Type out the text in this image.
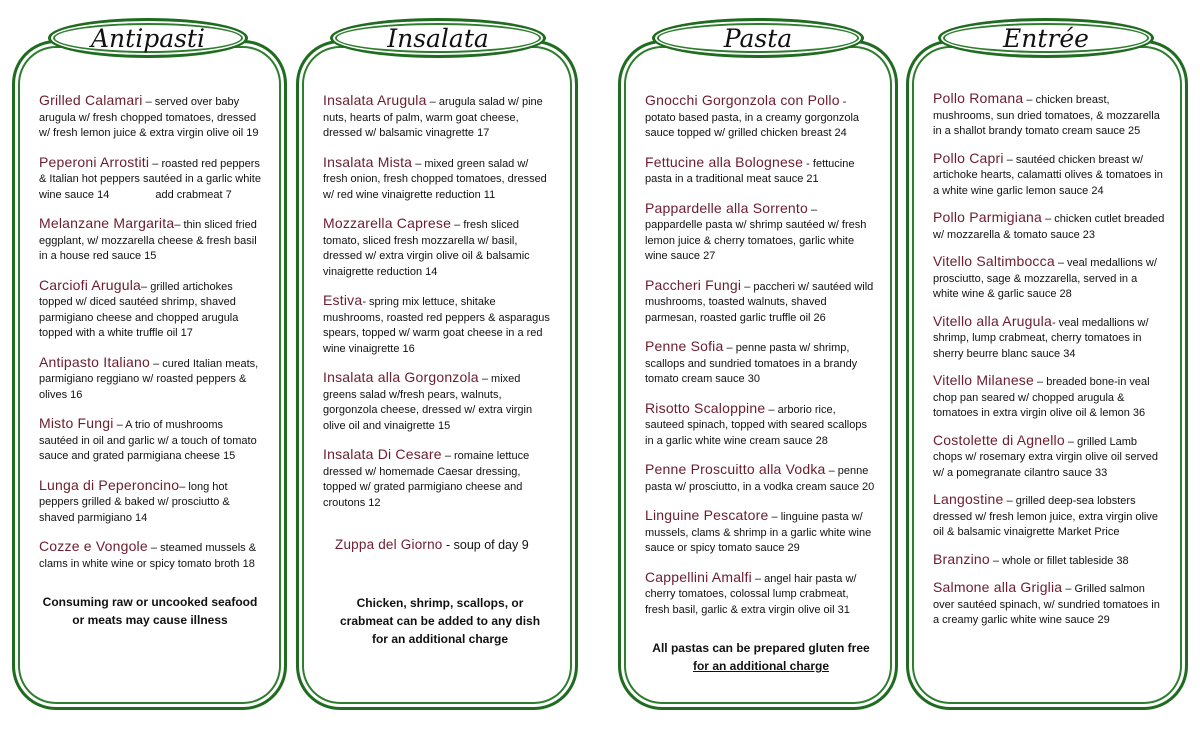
Grilled Calamari – served over baby arugula w/ fresh chopped tomatoes, dressed w/ fresh lemon juice & extra virgin olive oil 19
Peperoni Arrostiti – roasted red peppers & Italian hot peppers sautéed in a garlic white wine sauce 14	add crabmeat 7
Melanzane Margarita– thin sliced fried eggplant, w/ mozzarella cheese & fresh basil in a house red sauce 15
Carciofi Arugula– grilled artichokes topped w/ diced sautéed shrimp, shaved parmigiano cheese and chopped arugula topped with a white truffle oil 17
Antipasto Italiano – cured Italian meats, parmigiano reggiano w/ roasted peppers & olives 16
Misto Fungi – A trio of mushrooms sautéed in oil and garlic w/ a touch of tomato sauce and grated parmigiana cheese 15
Lunga di Peperoncino– long hot peppers grilled & baked w/ prosciutto & shaved parmigiano 14
Cozze e Vongole – steamed mussels & clams in white wine or spicy tomato broth 18
Consuming raw or uncooked seafood
or meats may cause illness
Antipasti
Insalata Arugula – arugula salad w/ pine nuts, hearts of palm, warm goat cheese, dressed w/ balsamic vinagrette 17
Insalata Mista – mixed green salad w/ fresh onion, fresh chopped tomatoes, dressed w/ red wine vinaigrette reduction 11
Mozzarella Caprese – fresh sliced tomato, sliced fresh mozzarella w/ basil, dressed w/ extra virgin olive oil & balsamic vinaigrette reduction 14
Estiva- spring mix lettuce, shitake mushrooms, roasted red peppers & asparagus spears, topped w/ warm goat cheese in a red wine vinaigrette 16
Insalata alla Gorgonzola – mixed greens salad w/fresh pears, walnuts, gorgonzola cheese, dressed w/ extra virgin olive oil and vinaigrette 15
Insalata Di Cesare – romaine lettuce dressed w/ homemade Caesar dressing, topped w/ grated parmigiano cheese and croutons 12
Zuppa del Giorno - soup of day 9
Chicken, shrimp, scallops, or
crabmeat can be added to any dish
for an additional charge
Insalata
Gnocchi Gorgonzola con Pollo - potato based pasta, in a creamy gorgonzola sauce topped w/ grilled chicken breast 24
Fettucine alla Bolognese - fettucine pasta in a traditional meat sauce 21
Pappardelle alla Sorrento – pappardelle pasta w/ shrimp sautéed w/ fresh lemon juice & cherry tomatoes, garlic white wine sauce 27
Paccheri Fungi – paccheri w/ sautéed wild mushrooms, toasted walnuts, shaved parmesan, roasted garlic truffle oil 26
Penne Sofia – penne pasta w/ shrimp, scallops and sundried tomatoes in a brandy tomato cream sauce 30
Risotto Scaloppine – arborio rice, sauteed spinach, topped with seared scallops in a garlic white wine cream sauce 28
Penne Proscuitto alla Vodka – penne pasta w/ prosciutto, in a vodka cream sauce 20
Linguine Pescatore – linguine pasta w/ mussels, clams & shrimp in a garlic white wine sauce or spicy tomato sauce 29
Cappellini Amalfi – angel hair pasta w/ cherry tomatoes, colossal lump crabmeat, fresh basil, garlic & extra virgin olive oil 31
All pastas can be prepared gluten free
for an additional charge
Pasta
Pollo Romana – chicken breast, mushrooms, sun dried tomatoes, & mozzarella in a shallot brandy tomato cream sauce 25
Pollo Capri – sautéed chicken breast w/ artichoke hearts, calamatti olives & tomatoes in a white wine garlic lemon sauce 24
Pollo Parmigiana – chicken cutlet breaded w/ mozzarella & tomato sauce 23
Vitello Saltimbocca – veal medallions w/ prosciutto, sage & mozzarella, served in a white wine & garlic sauce 28
Vitello alla Arugula- veal medallions w/ shrimp, lump crabmeat, cherry tomatoes in sherry beurre blanc sauce 34
Vitello Milanese – breaded bone-in veal chop pan seared w/ chopped arugula & tomatoes in extra virgin olive oil & lemon 36
Costolette di Agnello – grilled Lamb chops w/ rosemary extra virgin olive oil served w/ a pomegranate cilantro sauce 33
Langostine – grilled deep-sea lobsters dressed w/ fresh lemon juice, extra virgin olive oil & balsamic vinaigrette Market Price
Branzino – whole or fillet tableside 38
Salmone alla Griglia – Grilled salmon over sautéed spinach, w/ sundried tomatoes in a creamy garlic white wine sauce 29
Entrée
